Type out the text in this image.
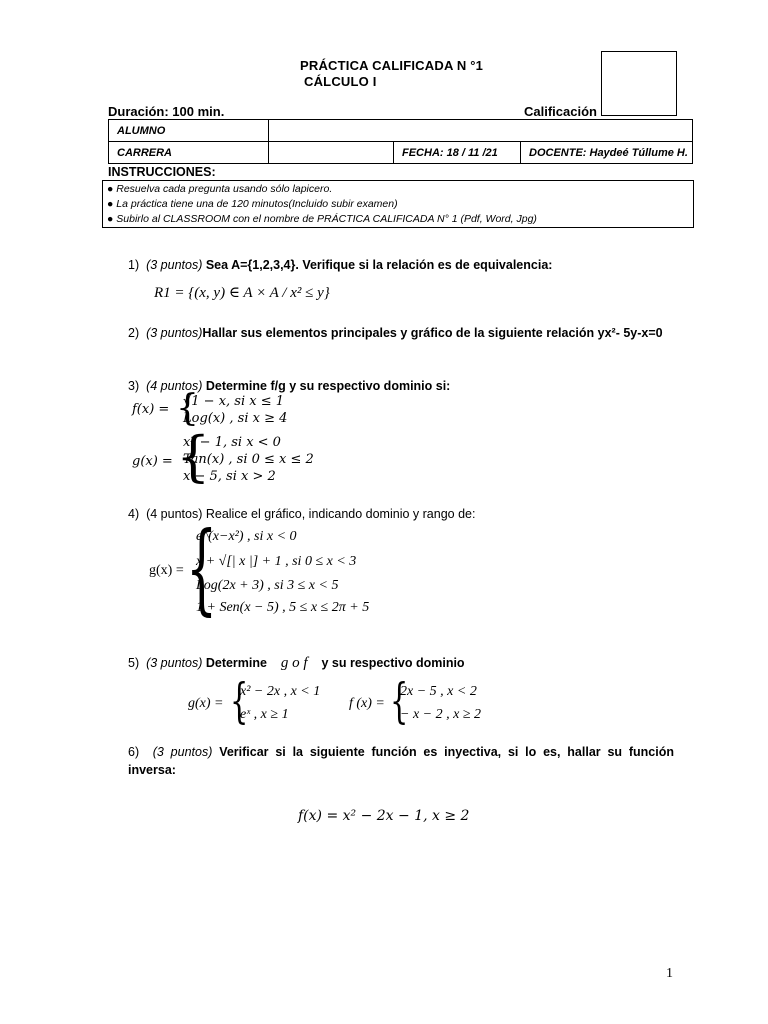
PRÁCTICA CALIFICADA N °1
CÁLCULO I
Duración: 100 min.	Calificación
ALUMNO			
CARRERA		FECHA: 18 / 11 /21	DOCENTE: Haydeé Túllume H.
INSTRUCCIONES:
● Resuelva cada pregunta usando sólo lapicero.
● La práctica tiene una de 120 minutos(Incluido subir examen)
● Subirlo al CLASSROOM con el nombre de PRÁCTICA CALIFICADA N° 1 (Pdf, Word, Jpg)
1) (3 puntos) Sea A={1,2,3,4}. Verifique si la relación es de equivalencia:
R1 = {(x, y) ∈ A × A / x² ≤ y}
2) (3 puntos)Hallar sus elementos principales y gráfico de la siguiente relación yx²- 5y-x=0
3) (4 puntos) Determine f/g y su respectivo dominio si:
f(x) = {
√1 − x, si x ≤ 1
Log(x) , si x ≥ 4
g(x) = {
x² − 1, si x < 0
Tan(x) , si 0 ≤ x ≤ 2
x − 5, si x > 2
4) (4 puntos) Realice el gráfico, indicando dominio y rango de:
g(x) = {
e^(x−x²) , si x < 0
x + √[| x |] + 1 , si 0 ≤ x < 3
Log(2x + 3) , si 3 ≤ x < 5
1 + Sen(x − 5) , 5 ≤ x ≤ 2π + 5
5) (3 puntos) Determine g o f y su respectivo dominio
g(x) = {
x² − 2x , x < 1
eˣ , x ≥ 1
f (x) = {
2x − 5 , x < 2
− x − 2 , x ≥ 2
6) (3 puntos) Verificar si la siguiente función es inyectiva, si lo es, hallar su función
inversa:
f(x) = x² − 2x − 1, x ≥ 2
1
